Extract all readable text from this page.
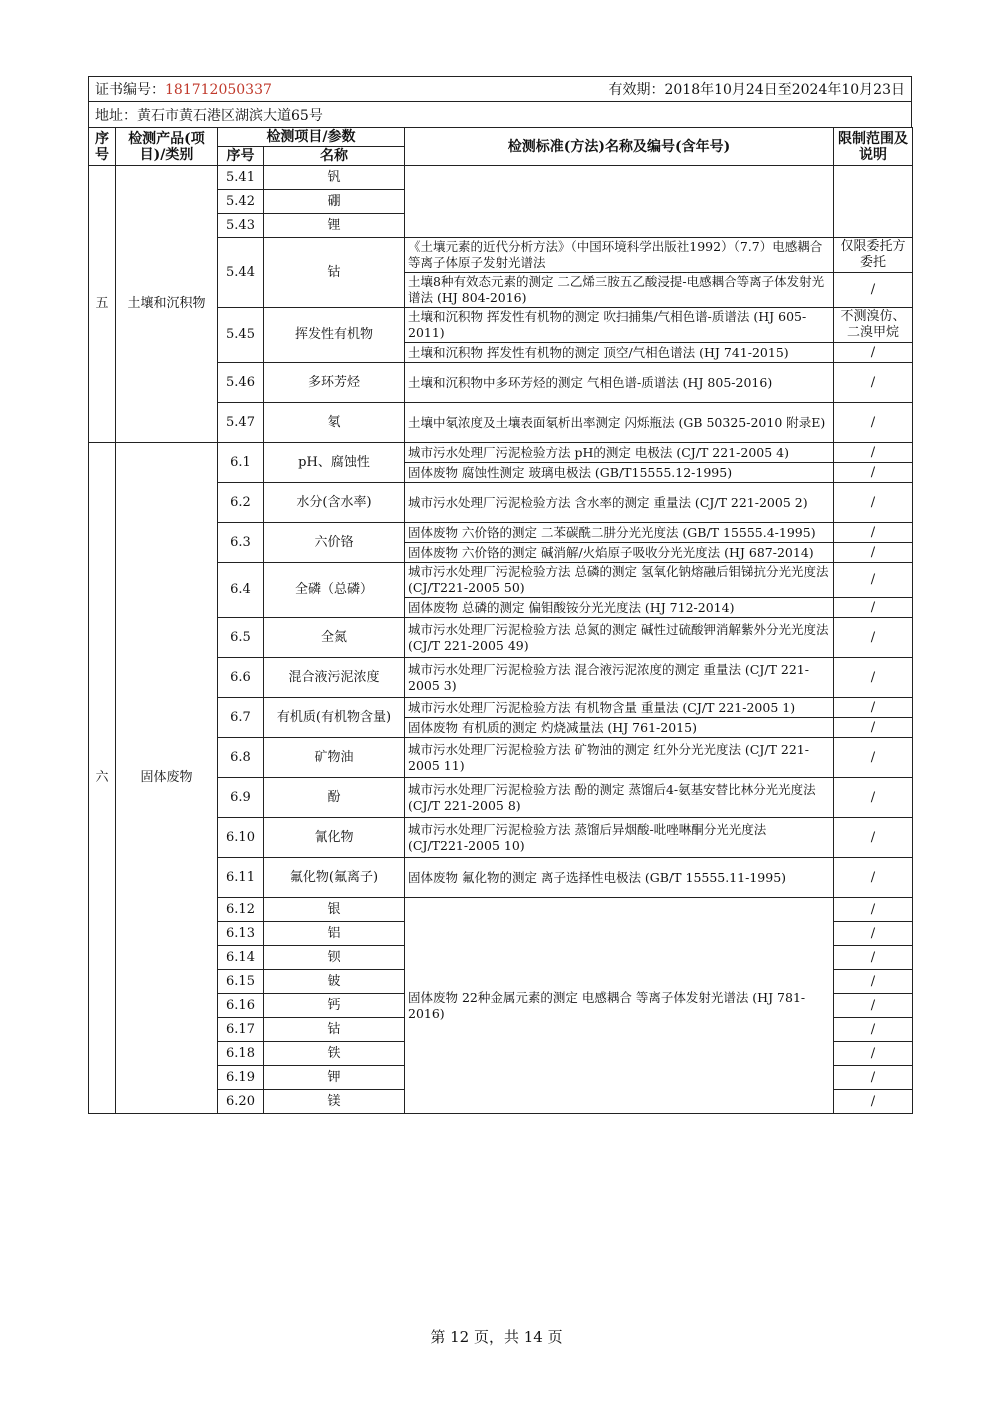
证书编号：181712050337	有效期：2018年10月24日至2024年10月23日
地址：黄石市黄石港区湖滨大道65号
序号	检测产品(项目)/类别	检测项目/参数		检测标准(方法)名称及编号(含年号)	限制范围及说明
		序号	名称		
五	土壤和沉积物	5.41	钒		
		5.42	硼		
		5.43	锂		
		5.44	钴	《土壤元素的近代分析方法》（中国环境科学出版社1992）（7.7）电感耦合等离子体原子发射光谱法	仅限委托方委托
				土壤8种有效态元素的测定 二乙烯三胺五乙酸浸提-电感耦合等离子体发射光谱法 (HJ 804-2016)	/
		5.45	挥发性有机物	土壤和沉积物 挥发性有机物的测定 吹扫捕集/气相色谱-质谱法 (HJ 605-2011)	不测溴仿、二溴甲烷
				土壤和沉积物 挥发性有机物的测定 顶空/气相色谱法 (HJ 741-2015)	/
		5.46	多环芳烃	土壤和沉积物中多环芳烃的测定 气相色谱-质谱法 (HJ 805-2016)	/
		5.47	氡	土壤中氡浓度及土壤表面氡析出率测定 闪烁瓶法 (GB 50325-2010 附录E)	/
六	固体废物	6.1	pH、腐蚀性	城市污水处理厂污泥检验方法 pH的测定 电极法 (CJ/T 221-2005 4)	/
				固体废物 腐蚀性测定 玻璃电极法 (GB/T15555.12-1995)	/
		6.2	水分(含水率)	城市污水处理厂污泥检验方法 含水率的测定 重量法 (CJ/T 221-2005 2)	/
		6.3	六价铬	固体废物 六价铬的测定 二苯碳酰二肼分光光度法 (GB/T 15555.4-1995)	/
				固体废物 六价铬的测定 碱消解/火焰原子吸收分光光度法 (HJ 687-2014)	/
		6.4	全磷（总磷）	城市污水处理厂污泥检验方法 总磷的测定 氢氧化钠熔融后钼锑抗分光光度法 (CJ/T221-2005 50)	/
				固体废物 总磷的测定 偏钼酸铵分光光度法 (HJ 712-2014)	/
		6.5	全氮	城市污水处理厂污泥检验方法 总氮的测定 碱性过硫酸钾消解紫外分光光度法 (CJ/T 221-2005 49)	/
		6.6	混合液污泥浓度	城市污水处理厂污泥检验方法 混合液污泥浓度的测定 重量法 (CJ/T 221-2005 3)	/
		6.7	有机质(有机物含量)	城市污水处理厂污泥检验方法 有机物含量 重量法 (CJ/T 221-2005 1)	/
				固体废物 有机质的测定 灼烧减量法 (HJ 761-2015)	/
		6.8	矿物油	城市污水处理厂污泥检验方法 矿物油的测定 红外分光光度法 (CJ/T 221-2005 11)	/
		6.9	酚	城市污水处理厂污泥检验方法 酚的测定 蒸馏后4-氨基安替比林分光光度法 (CJ/T 221-2005 8)	/
		6.10	氰化物	城市污水处理厂污泥检验方法 蒸馏后异烟酸-吡唑啉酮分光光度法 (CJ/T221-2005 10)	/
		6.11	氟化物(氟离子)	固体废物 氟化物的测定 离子选择性电极法 (GB/T 15555.11-1995)	/
		6.12	银	固体废物 22种金属元素的测定 电感耦合 等离子体发射光谱法 (HJ 781-2016)	/
		6.13	铝		/
		6.14	钡		/
		6.15	铍		/
		6.16	钙		/
		6.17	钴		/
		6.18	铁		/
		6.19	钾		/
		6.20	镁		/
第 12 页，共 14 页
